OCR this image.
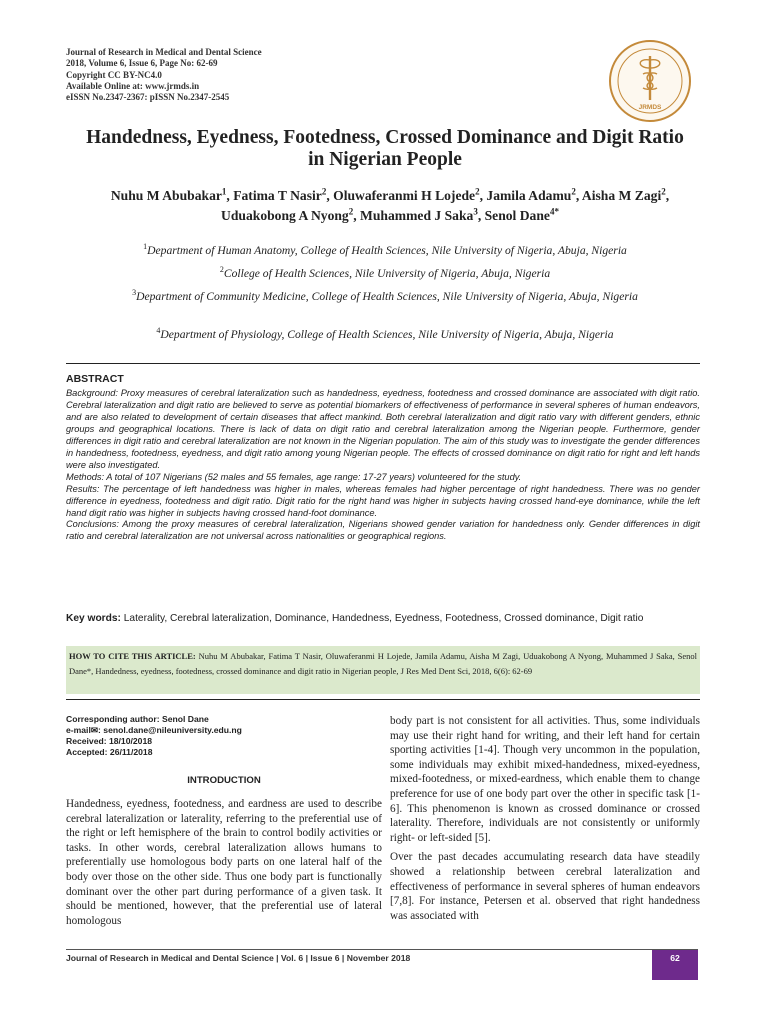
Journal of Research in Medical and Dental Science
2018, Volume 6, Issue 6, Page No: 62-69
Copyright CC BY-NC4.0
Available Online at: www.jrmds.in
eISSN No.2347-2367: pISSN No.2347-2545
JRMDS
Handedness, Eyedness, Footedness, Crossed Dominance and Digit Ratio in Nigerian People
Nuhu M Abubakar$^1$, Fatima T Nasir$^2$, Oluwaferanmi H Lojede$^2$, Jamila Adamu$^2$, Aisha M Zagi$^2$, Uduakobong A Nyong$^2$, Muhammed J Saka$^3$, Senol Dane$^{4*}$
$^1$Department of Human Anatomy, College of Health Sciences, Nile University of Nigeria, Abuja, Nigeria
$^2$College of Health Sciences, Nile University of Nigeria, Abuja, Nigeria
$^3$Department of Community Medicine, College of Health Sciences, Nile University of Nigeria, Abuja, Nigeria
$^4$Department of Physiology, College of Health Sciences, Nile University of Nigeria, Abuja, Nigeria
ABSTRACT

Background: Proxy measures of cerebral lateralization such as handedness, eyedness, footedness and crossed dominance are associated with digit ratio. Cerebral lateralization and digit ratio are believed to serve as potential biomarkers of effectiveness of performance in several spheres of human endeavors, and are also related to development of certain diseases that affect mankind. Both cerebral lateralization and digit ratio vary with different genders, ethnic groups and geographical locations. There is lack of data on digit ratio and cerebral lateralization among the Nigerian people. Furthermore, gender differences in digit ratio and cerebral lateralization are not known in the Nigerian population. The aim of this study was to investigate the gender differences in handedness, footedness, eyedness, and digit ratio among young Nigerian people. The effects of crossed dominance on digit ratio for right and left hands were also investigated.

Methods: A total of 107 Nigerians (52 males and 55 females, age range: 17-27 years) volunteered for the study.

Results: The percentage of left handedness was higher in males, whereas females had higher percentage of right handedness. There was no gender difference in eyedness, footedness and digit ratio. Digit ratio for the right hand was higher in subjects having crossed hand-eye dominance, while the left hand digit ratio was higher in subjects having crossed hand-foot dominance.

Conclusions: Among the proxy measures of cerebral lateralization, Nigerians showed gender variation for handedness only. Gender differences in digit ratio and cerebral lateralization are not universal across nationalities or geographical regions.

Key words: Laterality, Cerebral lateralization, Dominance, Handedness, Eyedness, Footedness, Crossed dominance, Digit ratio
HOW TO CITE THIS ARTICLE: Nuhu M Abubakar, Fatima T Nasir, Oluwaferanmi H Lojede, Jamila Adamu, Aisha M Zagi, Uduakobong A Nyong, Muhammed J Saka, Senol Dane*, Handedness, eyedness, footedness, crossed dominance and digit ratio in Nigerian people, J Res Med Dent Sci, 2018, 6(6): 62-69
Corresponding author: Senol Dane
e-mail✉: senol.dane@nileuniversity.edu.ng
Received: 18/10/2018
Accepted: 26/11/2018
INTRODUCTION

Handedness, eyedness, footedness, and eardness are used to describe cerebral lateralization or laterality, referring to the preferential use of the right or left hemisphere of the brain to control bodily activities or tasks. In other words, cerebral lateralization allows humans to preferentially use homologous body parts on one lateral half of the body over those on the other side. Thus one body part is functionally dominant over the other part during performance of a given task. It should be mentioned, however, that the preferential use of lateral homologous

body part is not consistent for all activities. Thus, some individuals may use their right hand for writing, and their left hand for certain sporting activities [1-4]. Though very uncommon in the population, some individuals may exhibit mixed-handedness, mixed-eyedness, mixed-footedness, or mixed-eardness, which enable them to change preference for use of one body part over the other in specific task [1-6]. This phenomenon is known as crossed dominance or crossed laterality. Therefore, individuals are not consistently or uniformly right- or left-sided [5].

Over the past decades accumulating research data have steadily showed a relationship between cerebral lateralization and effectiveness of performance in several spheres of human endeavors [7,8]. For instance, Petersen et al. observed that right handedness was associated with

Journal of Research in Medical and Dental Science | Vol. 6 | Issue 6 | November 2018	62
